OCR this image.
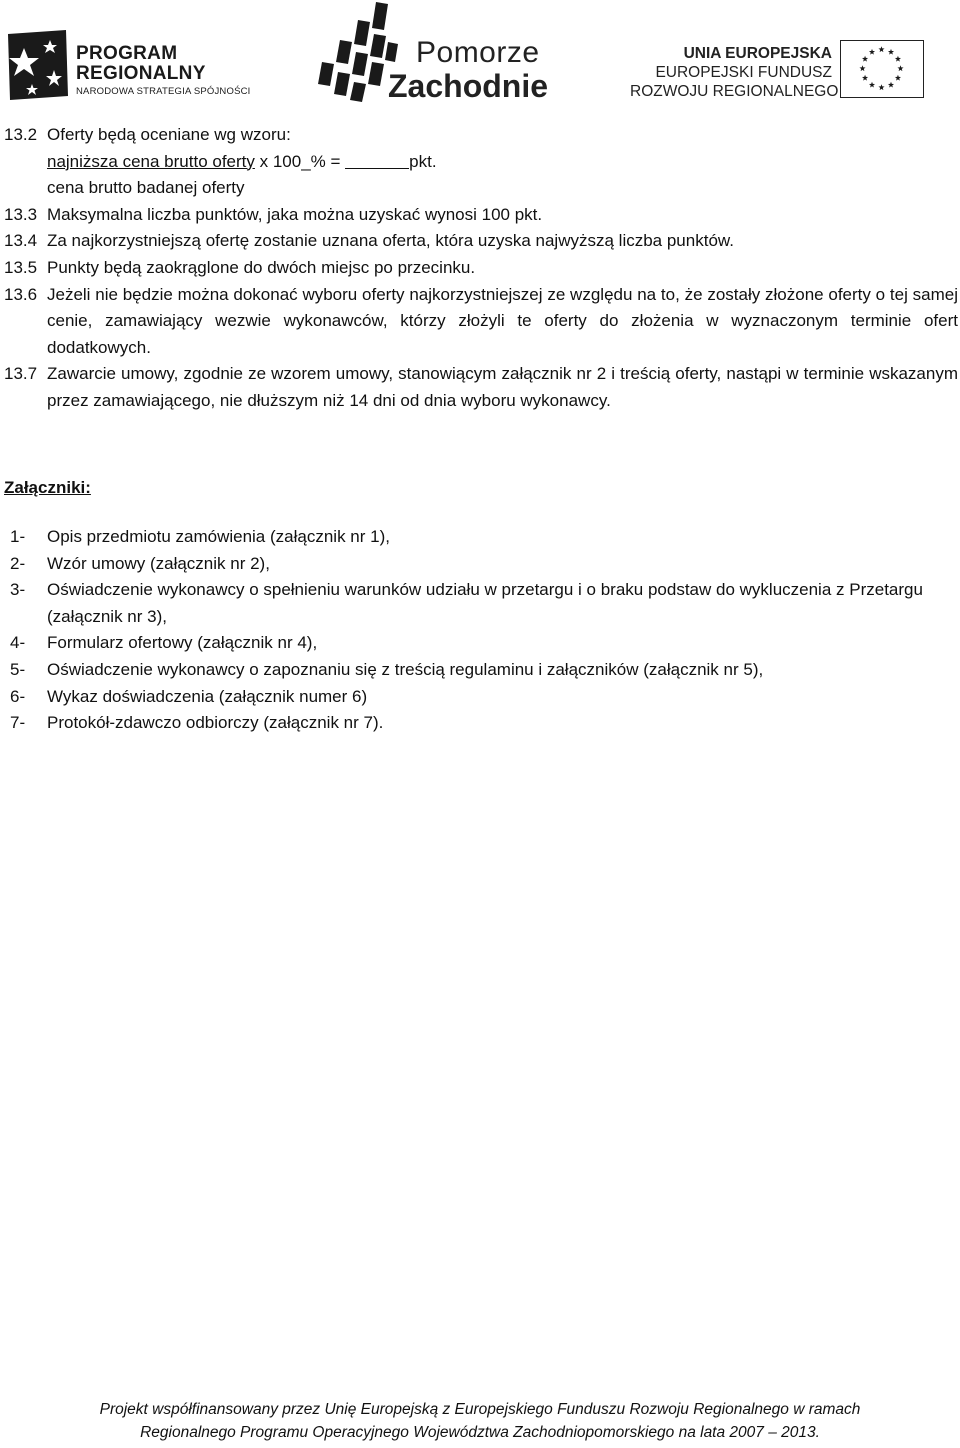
PROGRAM
REGIONALNY
NARODOWA STRATEGIA SPÓJNOŚCI
Pomorze
Zachodnie
UNIA EUROPEJSKA
EUROPEJSKI FUNDUSZ
ROZWOJU REGIONALNEGO
13.2 Oferty będą oceniane wg wzoru:
najniższa cena brutto oferty x 100_% =	pkt.
cena brutto badanej oferty
13.3 Maksymalna liczba punktów, jaka można uzyskać wynosi 100 pkt.
13.4 Za najkorzystniejszą ofertę zostanie uznana oferta, która uzyska najwyższą liczba punktów.
13.5 Punkty będą zaokrąglone do dwóch miejsc po przecinku.
13.6 Jeżeli nie będzie można dokonać wyboru oferty najkorzystniejszej ze względu na to, że zostały złożone oferty o tej samej cenie, zamawiający wezwie wykonawców, którzy złożyli te oferty do złożenia w wyznaczonym terminie ofert dodatkowych.
13.7 Zawarcie umowy, zgodnie ze wzorem umowy, stanowiącym załącznik nr 2 i treścią oferty, nastąpi w terminie wskazanym przez zamawiającego, nie dłuższym niż 14 dni od dnia wyboru wykonawcy.
Załączniki:
1- Opis przedmiotu zamówienia (załącznik nr 1),
2- Wzór umowy (załącznik nr 2),
3- Oświadczenie wykonawcy o spełnieniu warunków udziału w przetargu i o braku podstaw do wykluczenia z Przetargu (załącznik nr 3),
4- Formularz ofertowy (załącznik nr 4),
5- Oświadczenie wykonawcy o zapoznaniu się z treścią regulaminu i załączników (załącznik nr 5),
6- Wykaz doświadczenia (załącznik numer 6)
7- Protokół-zdawczo odbiorczy (załącznik nr 7).
Projekt współfinansowany przez Unię Europejską z Europejskiego Funduszu Rozwoju Regionalnego w ramach
Regionalnego Programu Operacyjnego Województwa Zachodniopomorskiego na lata 2007 – 2013.
